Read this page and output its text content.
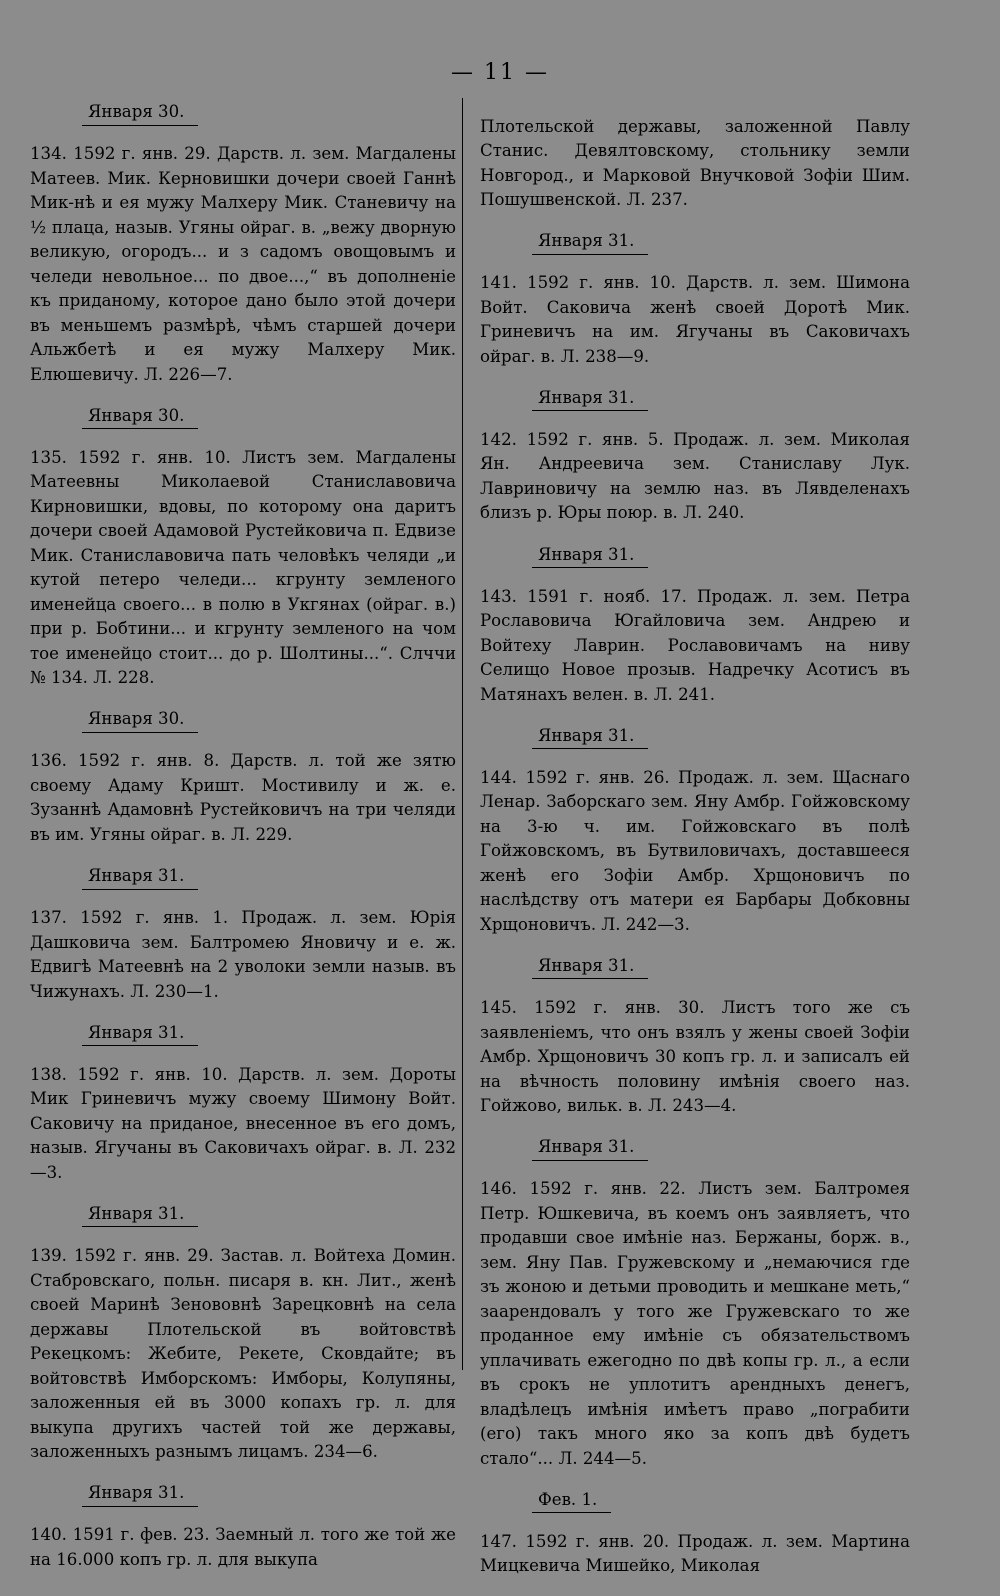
— 11 —
Января 30.

134. 1592 г. янв. 29. Дарств. л. зем. Магдалены Матеев. Мик. Керновишки дочери своей Ганнѣ Мик-нѣ и ея мужу Малхеру Мик. Станевичу на ½ плаца, назыв. Угяны ойраг. в. „вежу дворную великую, огородъ... и з садомъ овощовымъ и челеди невольное... по двое...,“ въ дополненіе къ приданому, которое дано было этой дочери въ меньшемъ размѣрѣ, чѣмъ старшей дочери Альжбетѣ и ея мужу Малхеру Мик. Елюшевичу. Л. 226—7.

Января 30.

135. 1592 г. янв. 10. Листъ зем. Магдалены Матеевны Миколаевой Станиславовича Кирновишки, вдовы, по которому она даритъ дочери своей Адамовой Рустейковича п. Едвизе Мик. Станиславовича пать человѣкъ челяди „и кутой петеро челеди... кгрунту земленого именейца своего... в полю в Укгянах (ойраг. в.) при р. Бобтини... и кгрунту земленого на чом тое именейцо стоит... до р. Шолтины...“. Слччи № 134. Л. 228.

Января 30.

136. 1592 г. янв. 8. Дарств. л. той же зятю своему Адаму Кришт. Мостивилу и ж. е. Зузаннѣ Адамовнѣ Рустейковичъ на три челяди въ им. Угяны ойраг. в. Л. 229.

Января 31.

137. 1592 г. янв. 1. Продаж. л. зем. Юрія Дашковича зем. Балтромею Яновичу и е. ж. Едвигѣ Матеевнѣ на 2 уволоки земли назыв. въ Чижунахъ. Л. 230—1.

Января 31.

138. 1592 г. янв. 10. Дарств. л. зем. Дороты Мик Гриневичъ мужу своему Шимону Войт. Саковичу на приданое, внесенное въ его домъ, назыв. Ягучаны въ Саковичахъ ойраг. в. Л. 232—3.

Января 31.

139. 1592 г. янв. 29. Застав. л. Войтеха Домин. Стабровскаго, польн. писаря в. кн. Лит., женѣ своей Маринѣ Зенововнѣ Зарецковнѣ на села державы Плотельской въ войтовствѣ Рекецкомъ: Жебите, Рекете, Сковдайте; въ войтовствѣ Имборскомъ: Имборы, Колупяны, заложенныя ей въ 3000 копахъ гр. л. для выкупа другихъ частей той же державы, заложенныхъ разнымъ лицамъ. 234—6.

Января 31.

140. 1591 г. фев. 23. Заемный л. того же той же на 16.000 копъ гр. л. для выкупа

Плотельской державы, заложенной Павлу Станис. Девялтовскому, стольнику земли Новгород., и Марковой Внучковой Зофіи Шим. Пошушвенской. Л. 237.

Января 31.

141. 1592 г. янв. 10. Дарств. л. зем. Шимона Войт. Саковича женѣ своей Доротѣ Мик. Гриневичъ на им. Ягучаны въ Саковичахъ ойраг. в. Л. 238—9.

Января 31.

142. 1592 г. янв. 5. Продаж. л. зем. Миколая Ян. Андреевича зем. Станиславу Лук. Лавриновичу на землю наз. въ Лявделенахъ близъ р. Юры поюр. в. Л. 240.

Января 31.

143. 1591 г. нояб. 17. Продаж. л. зем. Петра Рославовича Югайловича зем. Андрею и Войтеху Лаврин. Рославовичамъ на ниву Селищо Новое прозыв. Надречку Асотисъ въ Матянахъ велен. в. Л. 241.

Января 31.

144. 1592 г. янв. 26. Продаж. л. зем. Щаснаго Ленар. Заборскаго зем. Яну Амбр. Гойжовскому на 3-ю ч. им. Гойжовскаго въ полѣ Гойжовскомъ, въ Бутвиловичахъ, доставшееся женѣ его Зофіи Амбр. Хрщоновичъ по наслѣдству отъ матери ея Барбары Добковны Хрщоновичъ. Л. 242—3.

Января 31.

145. 1592 г. янв. 30. Листъ того же съ заявленіемъ, что онъ взялъ у жены своей Зофіи Амбр. Хрщоновичъ 30 копъ гр. л. и записалъ ей на вѣчность половину имѣнія своего наз. Гойжово, вильк. в. Л. 243—4.

Января 31.

146. 1592 г. янв. 22. Листъ зем. Балтромея Петр. Юшкевича, въ коемъ онъ заявляетъ, что продавши свое имѣніе наз. Бержаны, борж. в., зем. Яну Пав. Гружевскому и „немаючися где зъ жоною и детьми проводить и мешкане меть,“ заарендовалъ у того же Гружевскаго то же проданное ему имѣніе съ обязательствомъ уплачивать ежегодно по двѣ копы гр. л., а если въ срокъ не уплотитъ арендныхъ денегъ, владѣлецъ имѣнія имѣетъ право „пограбити (его) такъ много яко за копъ двѣ будетъ стало“... Л. 244—5.

Фев. 1.

147. 1592 г. янв. 20. Продаж. л. зем. Мартина Мицкевича Мишейко, Миколая
